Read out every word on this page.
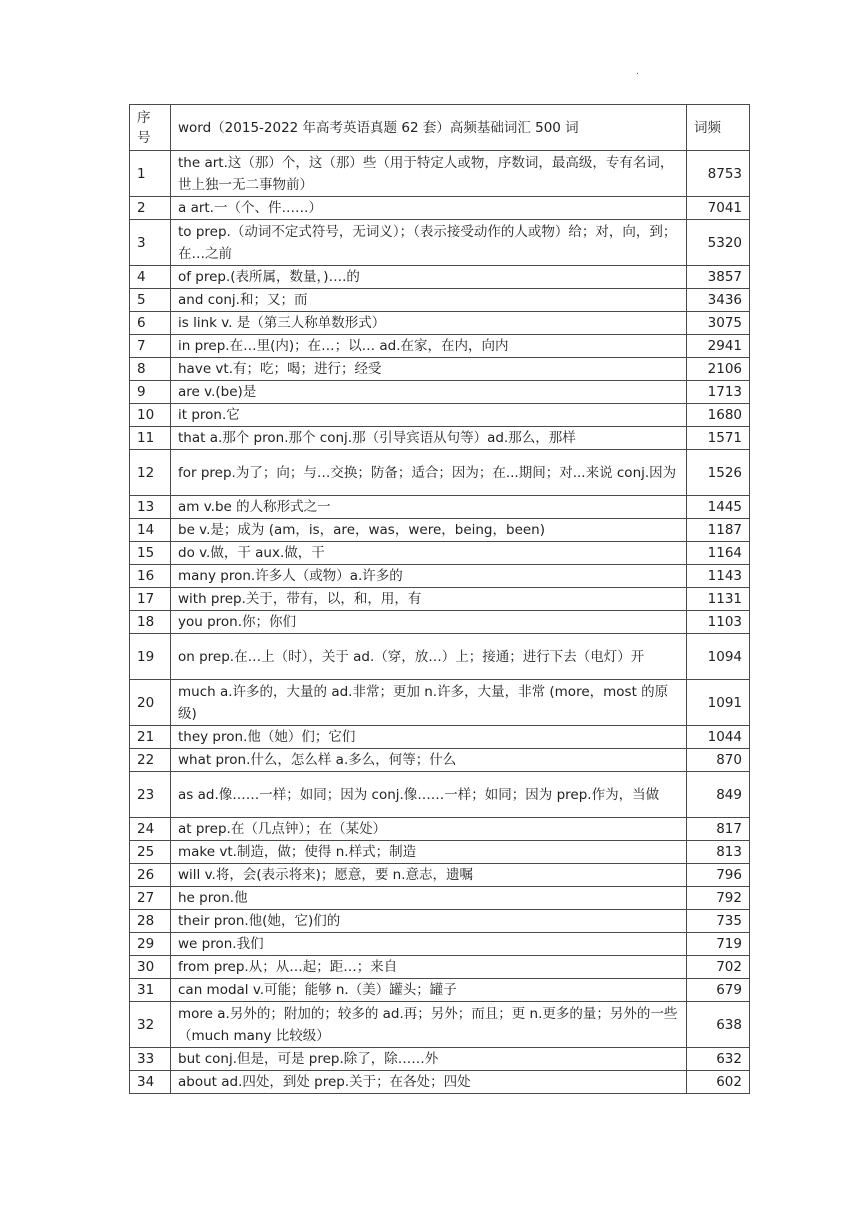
.
序号	word（2015-2022 年高考英语真题 62 套）高频基础词汇 500 词	词频
1	the art.这（那）个，这（那）些（用于特定人或物，序数词，最高级，专有名词，世上独一无二事物前）	8753
2	a art.一（个、件……）	7041
3	to prep.（动词不定式符号，无词义）；（表示接受动作的人或物）给；对，向，到；在…之前	5320
4	of prep.(表所属，数量，)….的	3857
5	and conj.和；又；而	3436
6	is link v. 是（第三人称单数形式）	3075
7	in prep.在…里(内)；在…；以… ad.在家，在内，向内	2941
8	have vt.有；吃；喝；进行；经受	2106
9	are v.(be)是	1713
10	it pron.它	1680
11	that a.那个 pron.那个 conj.那（引导宾语从句等）ad.那么，那样	1571
12	for prep.为了；向；与…交换；防备；适合；因为；在...期间；对...来说 conj.因为	1526
13	am v.be 的人称形式之一	1445
14	be v.是；成为 (am，is，are，was，were，being，been)	1187
15	do v.做，干 aux.做，干	1164
16	many pron.许多人（或物）a.许多的	1143
17	with prep.关于，带有，以，和，用，有	1131
18	you pron.你；你们	1103
19	on prep.在…上（时），关于 ad.（穿，放…）上；接通；进行下去（电灯）开	1094
20	much a.许多的，大量的 ad.非常；更加 n.许多，大量，非常 (more，most 的原级)	1091
21	they pron.他（她）们；它们	1044
22	what pron.什么，怎么样 a.多么，何等；什么	870
23	as ad.像……一样；如同；因为 conj.像……一样；如同；因为 prep.作为，当做	849
24	at prep.在（几点钟）；在（某处）	817
25	make vt.制造，做；使得 n.样式；制造	813
26	will v.将，会(表示将来)；愿意，要 n.意志，遗嘱	796
27	he pron.他	792
28	their pron.他(她，它)们的	735
29	we pron.我们	719
30	from prep.从；从…起；距…；来自	702
31	can modal v.可能；能够 n.（美）罐头；罐子	679
32	more a.另外的；附加的；较多的 ad.再；另外；而且；更 n.更多的量；另外的一些（much many 比较级）	638
33	but conj.但是，可是 prep.除了，除……外	632
34	about ad.四处，到处 prep.关于；在各处；四处	602
